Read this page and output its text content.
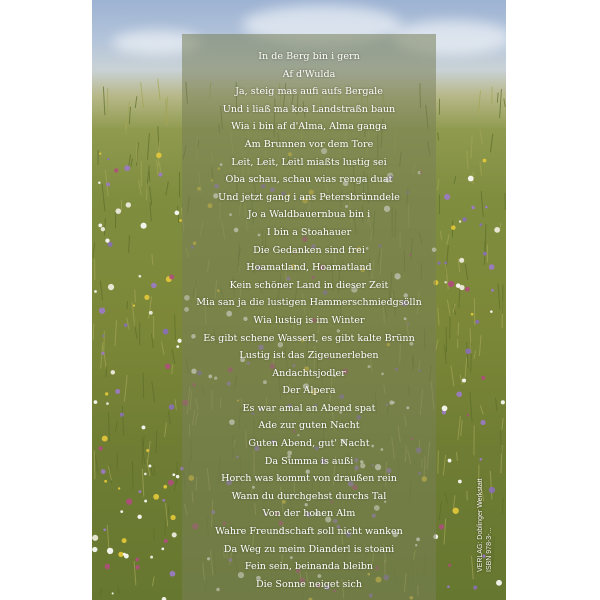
In de Berg bin i gern
Af d'Wulda
Ja, steig mas aufi aufs Bergale
Und i liaß ma koa Landstraßn baun
Wia i bin af d'Alma, Alma ganga
Am Brunnen vor dem Tore
Leit, Leit, Leitl miaßts lustig sei
Oba schau, schau wias renga duat
Und jetzt gang i ans Petersbrünndele
Jo a Waldbauernbua bin i
I bin a Stoahauer
Die Gedanken sind frei
Hoamatland, Hoamatland
Kein schöner Land in dieser Zeit
Mia san ja die lustigen Hammerschmiedgsölln
Wia lustig is im Winter
Es gibt schene Wasserl, es gibt kalte Brünn
Lustig ist das Zigeunerleben
Andachtsjodler
Der Alpera
Es war amal an Abend spat
Ade zur guten Nacht
Guten Abend, gut' Nacht
Da Summa is außi
Horch was kommt von draußen rein
Wann du durchgehst durchs Tal
Von der hohen Alm
Wahre Freundschaft soll nicht wanken
Da Weg zu meim Dianderl is stoani
Fein sein, beinanda bleibn
Die Sonne neiget sich
VERLAG: Doblinger Werkstatt ISBN 978-3-...
